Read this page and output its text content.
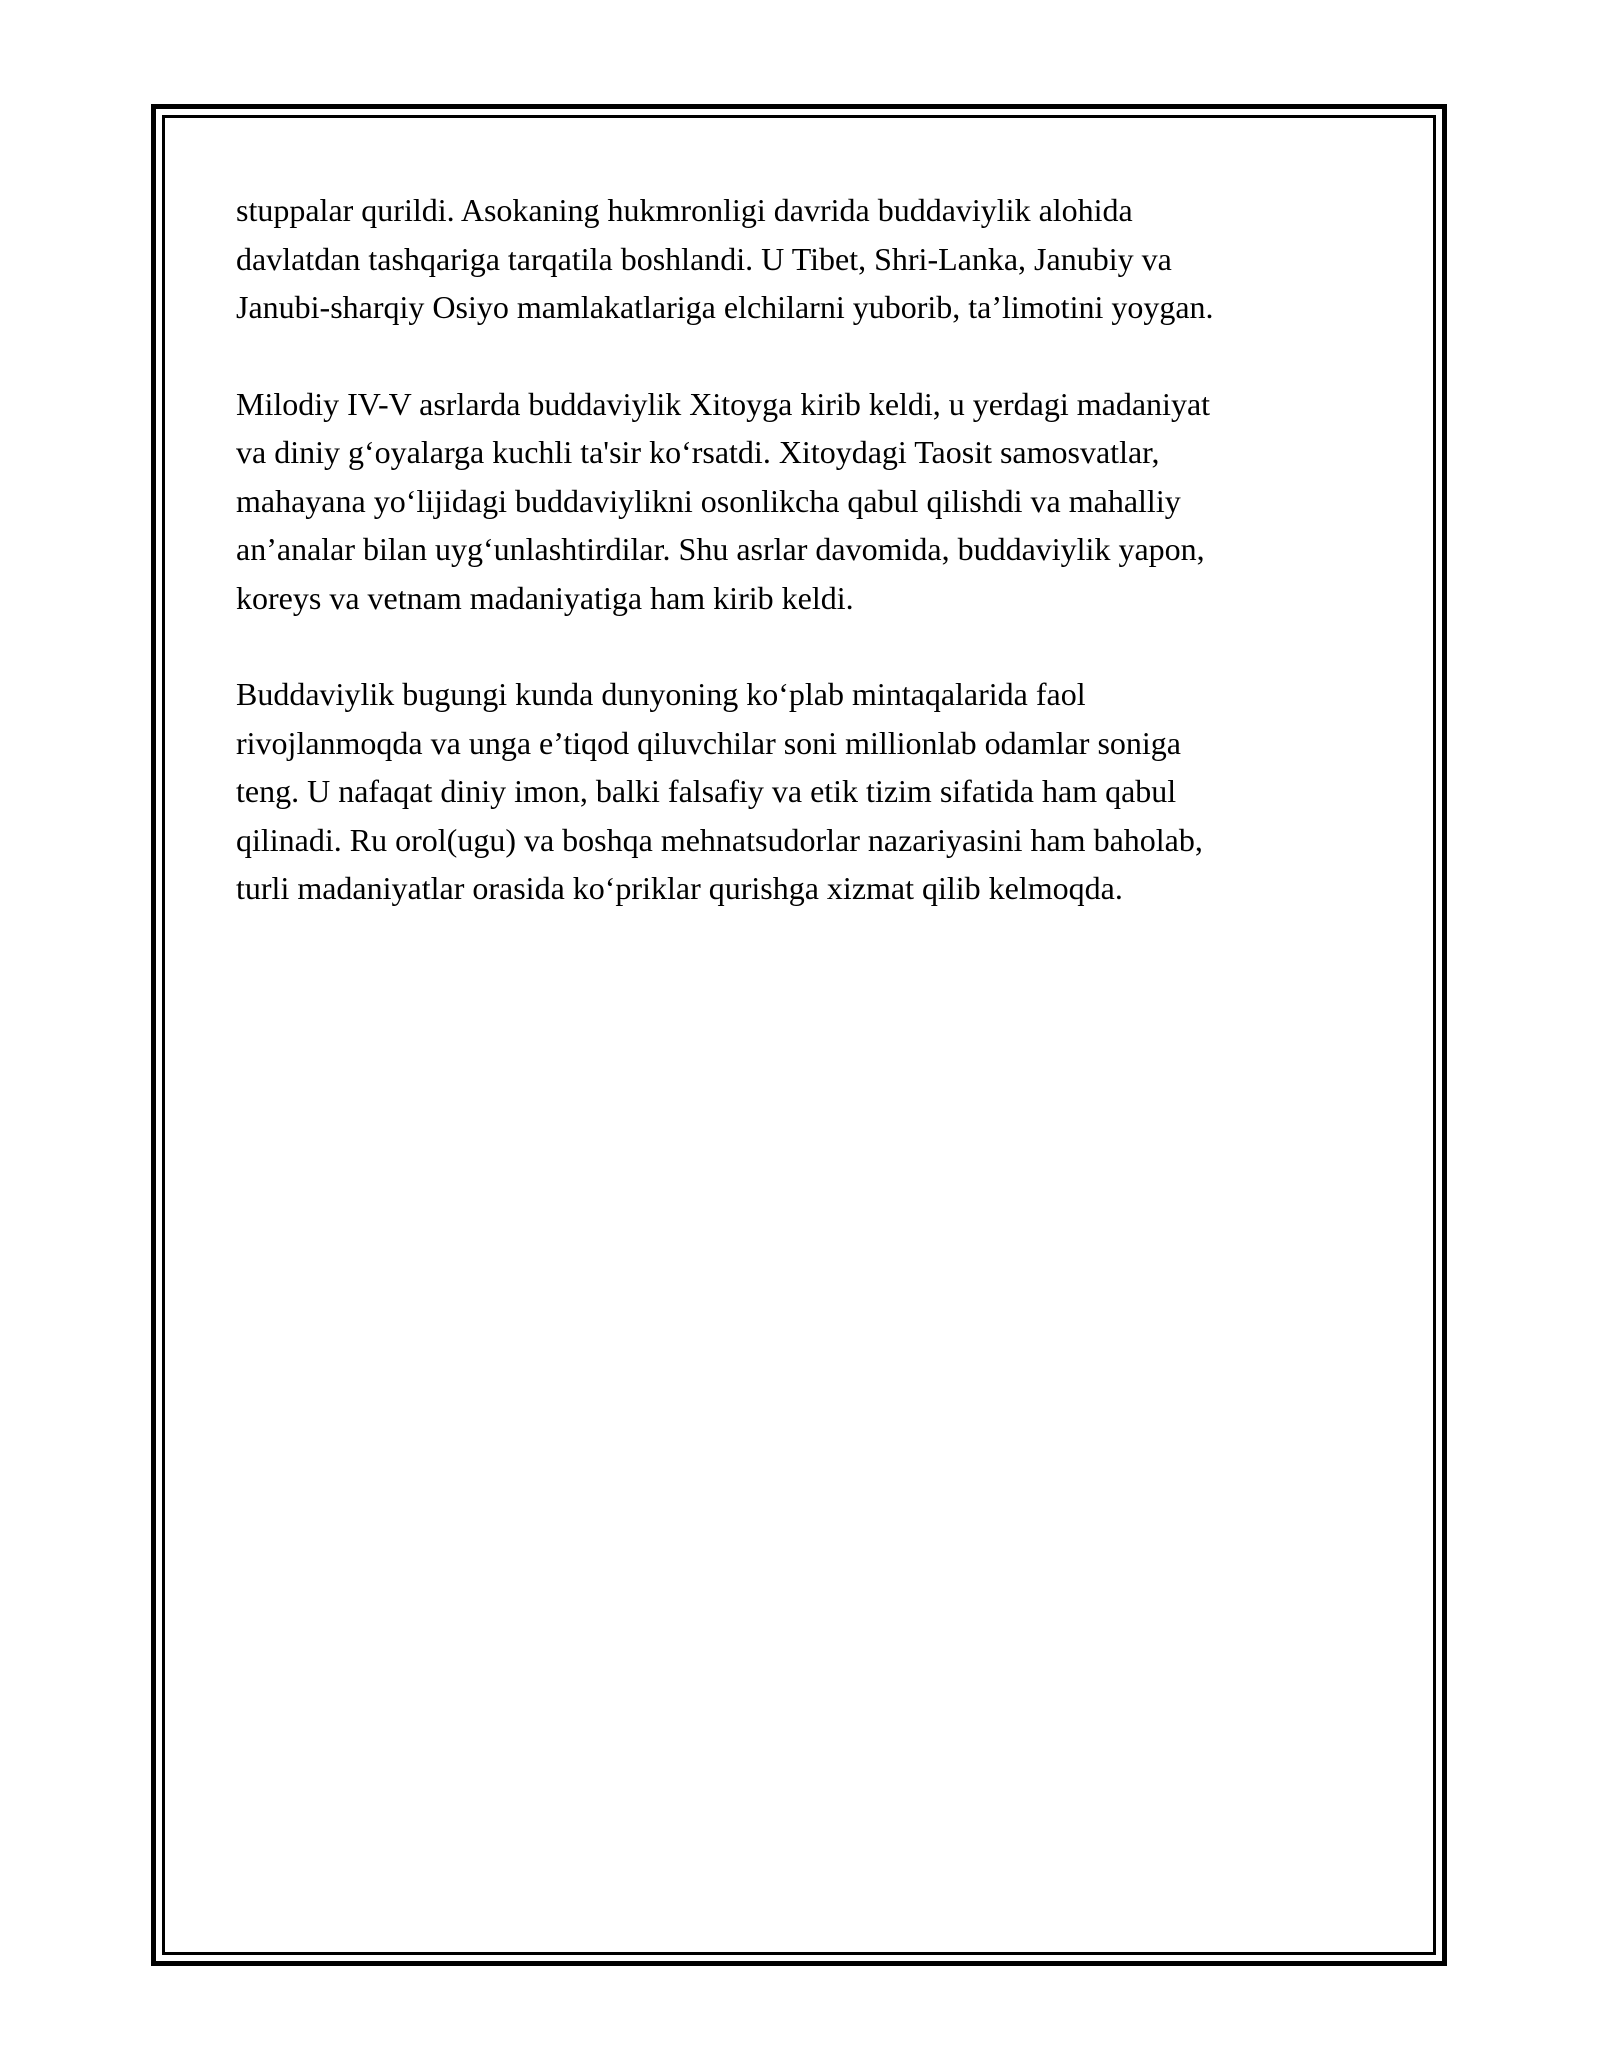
stuppalar qurildi. Asokaning hukmronligi davrida buddaviylik alohida
davlatdan tashqariga tarqatila boshlandi. U Tibet, Shri-Lanka, Janubiy va
Janubi-sharqiy Osiyo mamlakatlariga elchilarni yuborib, ta’limotini yoygan.

Milodiy IV-V asrlarda buddaviylik Xitoyga kirib keldi, u yerdagi madaniyat
va diniy g‘oyalarga kuchli ta'sir ko‘rsatdi. Xitoydagi Taosit samosvatlar,
mahayana yo‘lijidagi buddaviylikni osonlikcha qabul qilishdi va mahalliy
an’analar bilan uyg‘unlashtirdilar. Shu asrlar davomida, buddaviylik yapon,
koreys va vetnam madaniyatiga ham kirib keldi.

Buddaviylik bugungi kunda dunyoning ko‘plab mintaqalarida faol
rivojlanmoqda va unga e’tiqod qiluvchilar soni millionlab odamlar soniga
teng. U nafaqat diniy imon, balki falsafiy va etik tizim sifatida ham qabul
qilinadi. Ru orol(ugu) va boshqa mehnatsudorlar nazariyasini ham baholab,
turli madaniyatlar orasida ko‘priklar qurishga xizmat qilib kelmoqda.
